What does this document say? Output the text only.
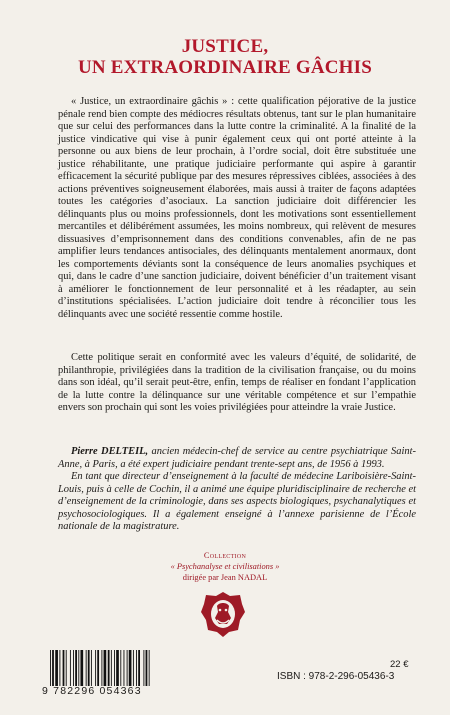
JUSTICE,
UN EXTRAORDINAIRE GÂCHIS

« Justice, un extraordinaire gâchis » : cette qualification péjorative de la justice pénale rend bien compte des médiocres résultats obtenus, tant sur le plan humanitaire que sur celui des performances dans la lutte contre la criminalité. A la finalité de la justice vindicative qui vise à punir également ceux qui ont porté atteinte à la personne ou aux biens de leur prochain, à l’ordre social, doit être substituée une justice réhabilitante, une pratique judiciaire performante qui aspire à garantir efficacement la sécurité publique par des mesures répressives ciblées, associées à des actions préventives soigneusement élaborées, mais aussi à traiter de façons adaptées toutes les catégories d’asociaux. La sanction judiciaire doit différencier les délinquants plus ou moins professionnels, dont les motivations sont essentiellement mercantiles et délibérément assumées, les moins nombreux, qui relèvent de mesures dissuasives d’emprisonnement dans des conditions convenables, afin de ne pas amplifier leurs tendances antisociales, des délinquants mentalement anormaux, dont les comportements déviants sont la conséquence de leurs anomalies psychiques et qui, dans le cadre d’une sanction judiciaire, doivent bénéficier d’un traitement visant à améliorer le fonctionnement de leur personnalité et à les réadapter, au sein d’institutions spécialisées. L’action judiciaire doit tendre à réconcilier tous les délinquants avec une société ressentie comme hostile.

Cette politique serait en conformité avec les valeurs d’équité, de solidarité, de philanthropie, privilégiées dans la tradition de la civilisation française, ou du moins dans son idéal, qu’il serait peut-être, enfin, temps de réaliser en fondant l’application de la lutte contre la délinquance sur une véritable compétence et sur l’empathie envers son prochain qui sont les voies privilégiées pour atteindre la vraie Justice.

Pierre DELTEIL, ancien médecin-chef de service au centre psychiatrique Saint-Anne, à Paris, a été expert judiciaire pendant trente-sept ans, de 1956 à 1993.

En tant que directeur d’enseignement à la faculté de médecine Lariboisière-Saint-Louis, puis à celle de Cochin, il a animé une équipe pluridisciplinaire de recherche et d’enseignement de la criminologie, dans ses aspects biologiques, psychanalytiques et psychosociologiques. Il a également enseigné à l’annexe parisienne de l’École nationale de la magistrature.

Collection
« Psychanalyse et civilisations »
dirigée par Jean NADAL
22 €
ISBN : 978-2-296-05436-3
9 782296 054363
